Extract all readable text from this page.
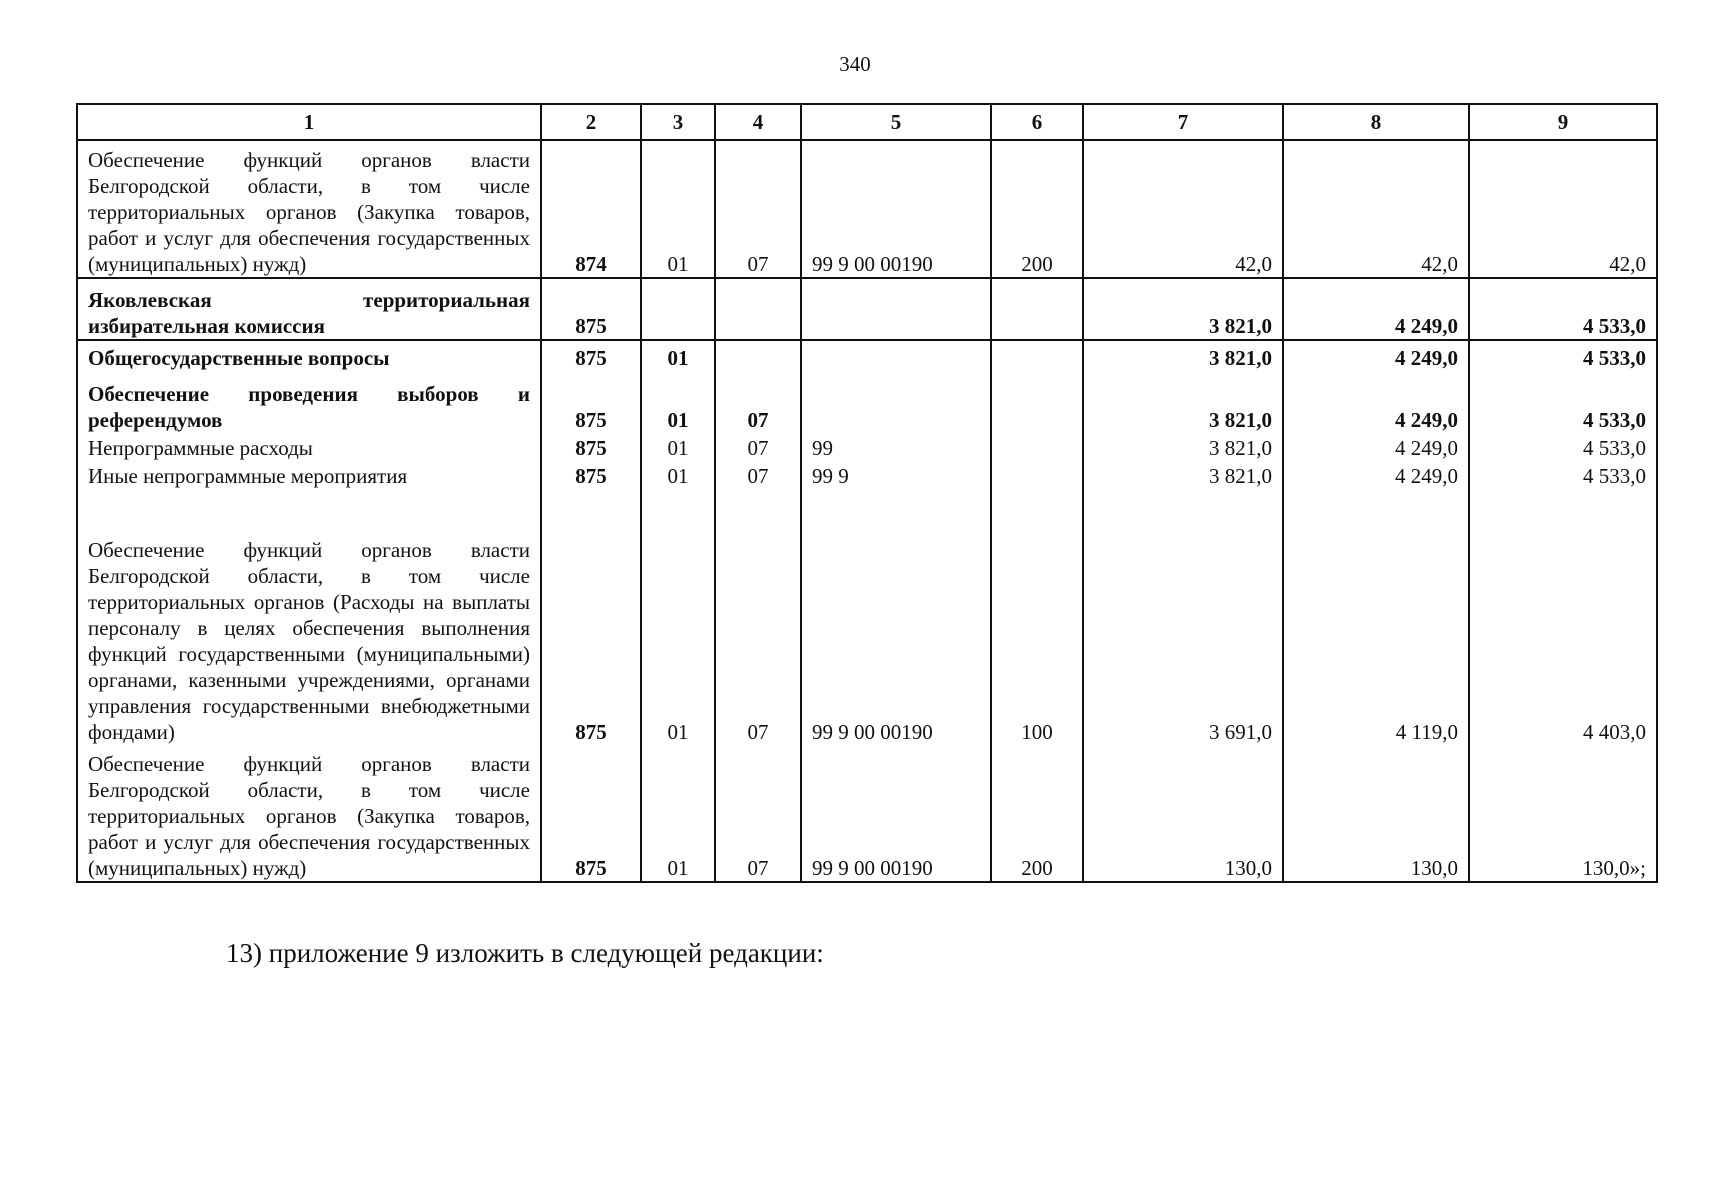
340
1	2	3	4	5	6	7	8	9
Обеспечение функций органов власти Белгородской области, в том числе территориальных органов (Закупка товаров, работ и услуг для обеспечения государственных (муниципальных) нужд)	874	01	07	99 9 00 00190	200	42,0	42,0	42,0
Яковлевская территориальная избирательная комиссия	875					3 821,0	4 249,0	4 533,0
Общегосударственные вопросы	875	01				3 821,0	4 249,0	4 533,0
Обеспечение проведения выборов и референдумов	875	01	07			3 821,0	4 249,0	4 533,0
Непрограммные расходы	875	01	07	99		3 821,0	4 249,0	4 533,0
Иные непрограммные мероприятия	875	01	07	99 9		3 821,0	4 249,0	4 533,0
Обеспечение функций органов власти Белгородской области, в том числе территориальных органов (Расходы на выплаты персоналу в целях обеспечения выполнения функций государственными (муниципальными) органами, казенными учреждениями, органами управления государственными внебюджетными фондами)	875	01	07	99 9 00 00190	100	3 691,0	4 119,0	4 403,0
Обеспечение функций органов власти Белгородской области, в том числе территориальных органов (Закупка товаров, работ и услуг для обеспечения государственных (муниципальных) нужд)	875	01	07	99 9 00 00190	200	130,0	130,0	130,0»;
13) приложение 9 изложить в следующей редакции:
